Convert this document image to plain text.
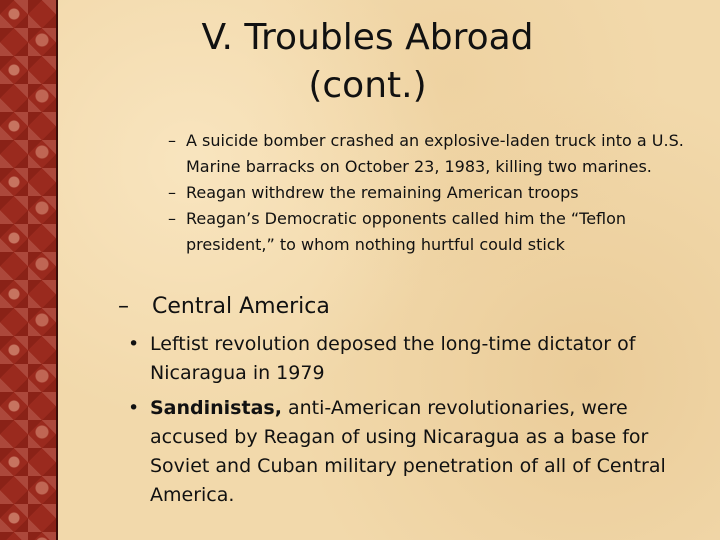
V. Troubles Abroad
(cont.)
– A suicide bomber crashed an explosive-laden truck into a U.S. Marine barracks on October 23, 1983, killing two marines.
– Reagan withdrew the remaining American troops
– Reagan’s Democratic opponents called him the “Teflon president,” to whom nothing hurtful could stick
– Central America
• Leftist revolution deposed the long-time dictator of Nicaragua in 1979
• Sandinistas, anti-American revolutionaries, were accused by Reagan of using Nicaragua as a base for Soviet and Cuban military penetration of all of Central America.
